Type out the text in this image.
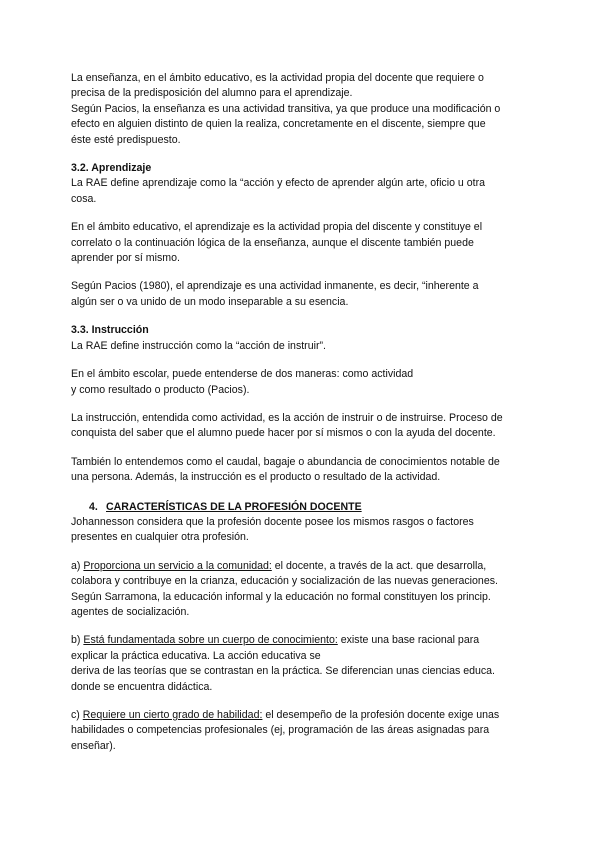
La enseñanza, en el ámbito educativo, es la actividad propia del docente que requiere o

precisa de la predisposición del alumno para el aprendizaje.

Según Pacios, la enseñanza es una actividad transitiva, ya que produce una modificación o

efecto en alguien distinto de quien la realiza, concretamente en el discente, siempre que

éste esté predispuesto.

3.2. Aprendizaje

La RAE define aprendizaje como la “acción y efecto de aprender algún arte, oficio u otra

cosa.

En el ámbito educativo, el aprendizaje es la actividad propia del discente y constituye el

correlato o la continuación lógica de la enseñanza, aunque el discente también puede

aprender por sí mismo.

Según Pacios (1980), el aprendizaje es una actividad inmanente, es decir, “inherente a

algún ser o va unido de un modo inseparable a su esencia.

3.3. Instrucción

La RAE define instrucción como la “acción de instruir”.

En el ámbito escolar, puede entenderse de dos maneras: como actividad

y como resultado o producto (Pacios).

La instrucción, entendida como actividad, es la acción de instruir o de instruirse. Proceso de

conquista del saber que el alumno puede hacer por sí mismos o con la ayuda del docente.

También lo entendemos como el caudal, bagaje o abundancia de conocimientos notable de

una persona. Además, la instrucción es el producto o resultado de la actividad.

4. CARACTERÍSTICAS DE LA PROFESIÓN DOCENTE

Johannesson considera que la profesión docente posee los mismos rasgos o factores

presentes en cualquier otra profesión.

a) Proporciona un servicio a la comunidad: el docente, a través de la act. que desarrolla,

colabora y contribuye en la crianza, educación y socialización de las nuevas generaciones.

Según Sarramona, la educación informal y la educación no formal constituyen los princip.

agentes de socialización.

b) Está fundamentada sobre un cuerpo de conocimiento: existe una base racional para

explicar la práctica educativa. La acción educativa se

deriva de las teorías que se contrastan en la práctica. Se diferencian unas ciencias educa.

donde se encuentra didáctica.

c) Requiere un cierto grado de habilidad: el desempeño de la profesión docente exige unas

habilidades o competencias profesionales (ej, programación de las áreas asignadas para

enseñar).
